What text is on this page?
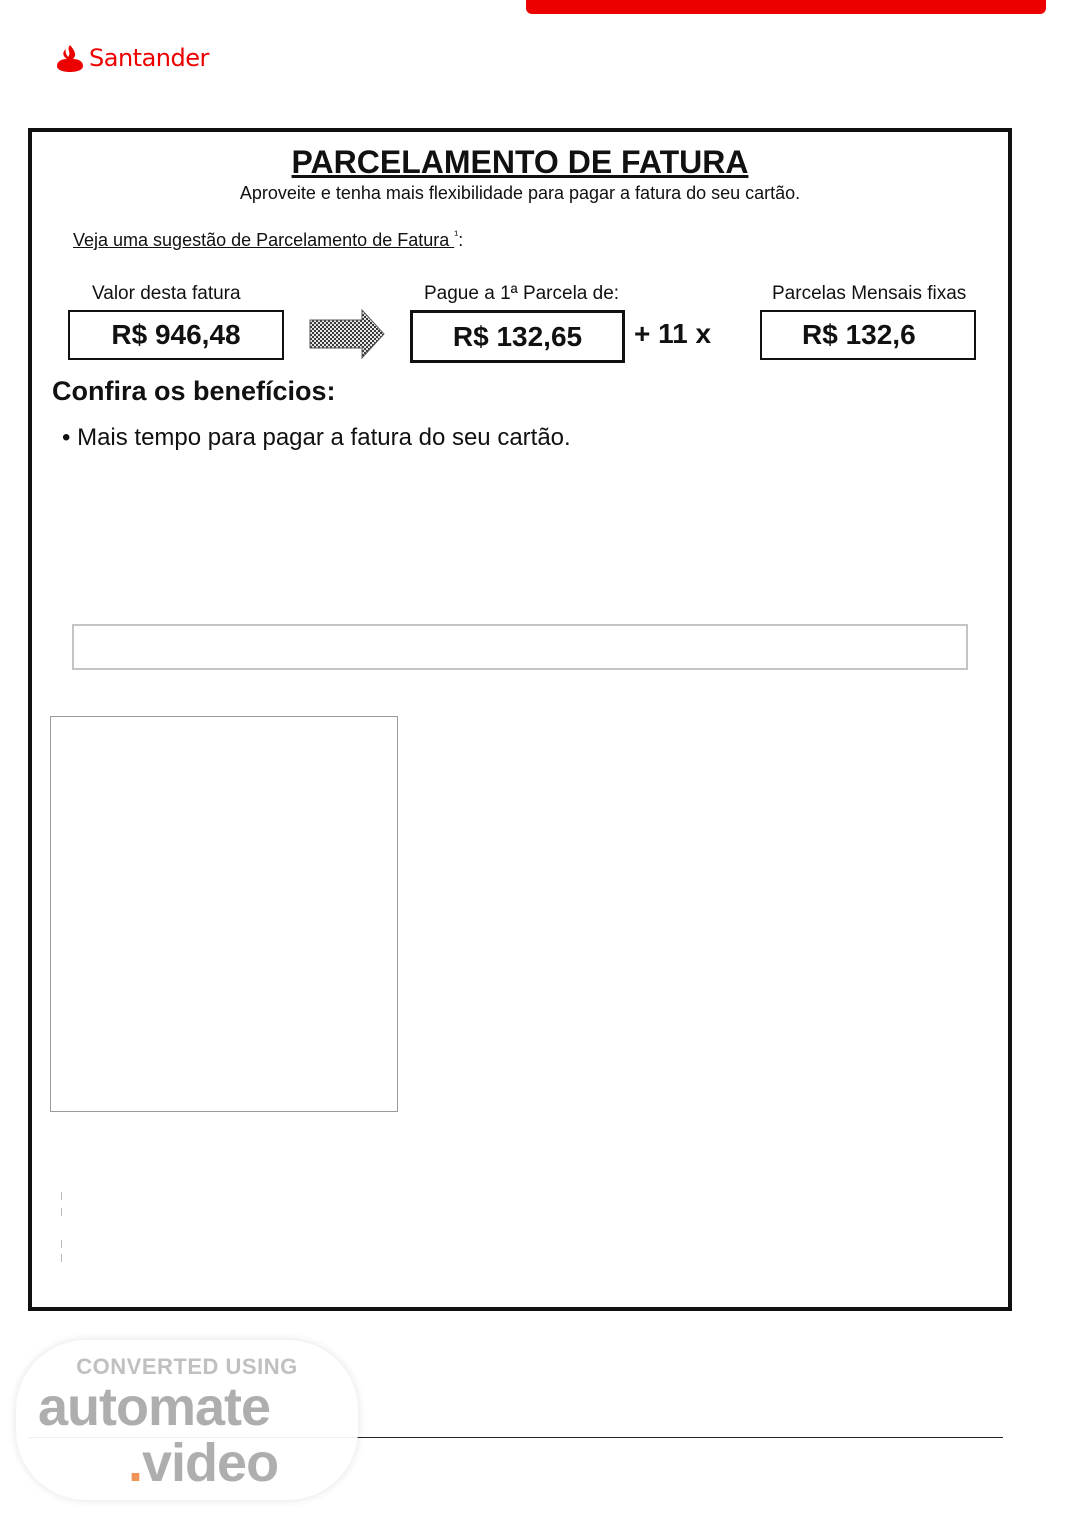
Santander
PARCELAMENTO DE FATURA
Aproveite e tenha mais flexibilidade para pagar a fatura do seu cartão.
Veja uma sugestão de Parcelamento de Fatura $^{^1}$:
Valor desta fatura
R$ 946,48
Pague a 1ª Parcela de:
R$ 132,65	+ 11 x
Parcelas Mensais fixas
R$ 132,6
Confira os benefícios:
• Mais tempo para pagar a fatura do seu cartão.
CONVERTED USING
automate
.video
